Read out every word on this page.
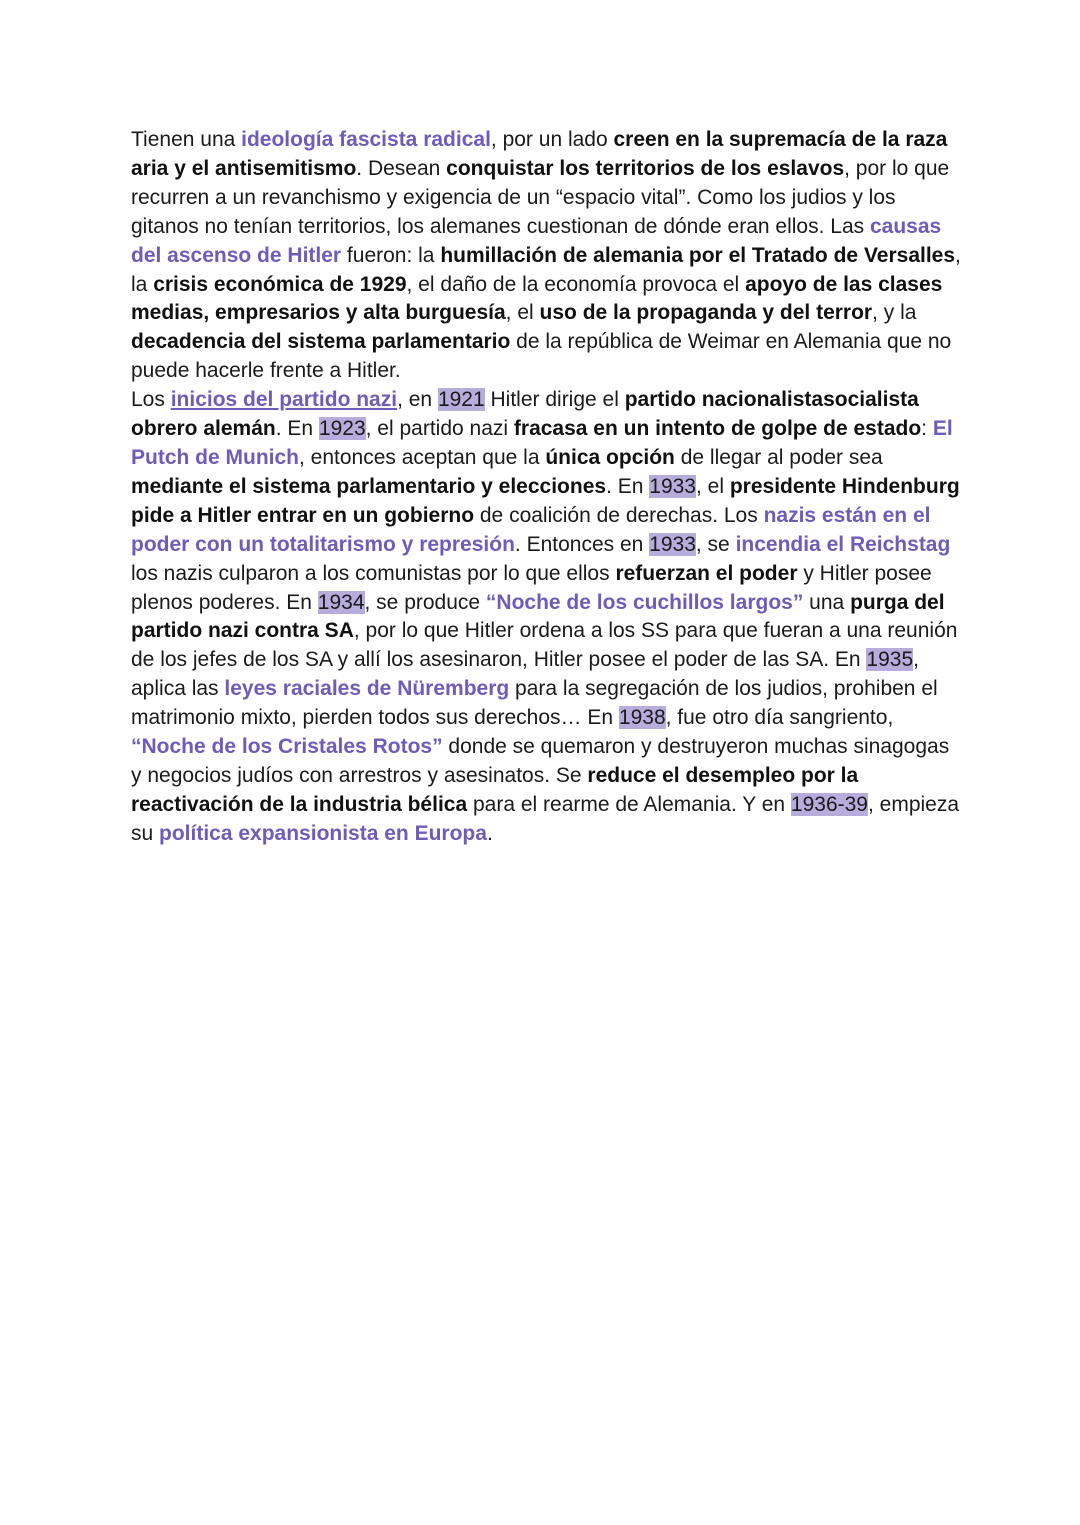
Tienen una ideología fascista radical, por un lado creen en la supremacía de la raza aria y el antisemitismo. Desean conquistar los territorios de los eslavos, por lo que recurren a un revanchismo y exigencia de un “espacio vital”. Como los judios y los gitanos no tenían territorios, los alemanes cuestionan de dónde eran ellos. Las causas del ascenso de Hitler fueron: la humillación de alemania por el Tratado de Versalles, la crisis económica de 1929, el daño de la economía provoca el apoyo de las clases medias, empresarios y alta burguesía, el uso de la propaganda y del terror, y la decadencia del sistema parlamentario de la república de Weimar en Alemania que no puede hacerle frente a Hitler.

Los inicios del partido nazi, en 1921 Hitler dirige el partido nacionalistasocialista obrero alemán. En 1923, el partido nazi fracasa en un intento de golpe de estado: El Putch de Munich, entonces aceptan que la única opción de llegar al poder sea mediante el sistema parlamentario y elecciones. En 1933, el presidente Hindenburg pide a Hitler entrar en un gobierno de coalición de derechas. Los nazis están en el poder con un totalitarismo y represión. Entonces en 1933, se incendia el Reichstag los nazis culparon a los comunistas por lo que ellos refuerzan el poder y Hitler posee plenos poderes. En 1934, se produce “Noche de los cuchillos largos” una purga del partido nazi contra SA, por lo que Hitler ordena a los SS para que fueran a una reunión de los jefes de los SA y allí los asesinaron, Hitler posee el poder de las SA. En 1935, aplica las leyes raciales de Nüremberg para la segregación de los judios, prohiben el matrimonio mixto, pierden todos sus derechos… En 1938, fue otro día sangriento, “Noche de los Cristales Rotos” donde se quemaron y destruyeron muchas sinagogas y negocios judíos con arrestros y asesinatos. Se reduce el desempleo por la reactivación de la industria bélica para el rearme de Alemania. Y en 1936-39, empieza su política expansionista en Europa.
